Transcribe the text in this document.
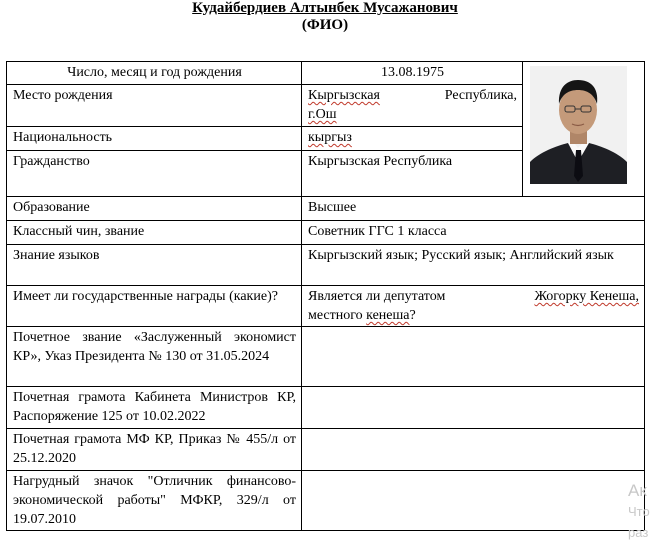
Кудайбердиев Алтынбек Мусажанович
(ФИО)
Число, месяц и год рождения	13.08.1975	

Место рождения	Кыргызская Республика,
г.Ош	

Национальность	кыргыз	
Гражданство	Кыргызская Республика	
Образование	Высшее	
Классный чин, звание	Советник ГГС 1 класса	
Знание языков	Кыргызский язык; Русский язык; Английский язык	
Имеет ли государственные награды (какие)?	Является ли депутатом Жогорку Кенеша,
местного кенеша?	

Почетное звание «Заслуженный экономист КР», Указ Президента № 130 от 31.05.2024		
Почетная грамота Кабинета Министров КР, Распоряжение 125 от 10.02.2022		
Почетная грамота МФ КР, Приказ № 455/л от 25.12.2020		
Нагрудный значок "Отличник финансово-экономической работы" МФКР, 329/л от 19.07.2010		
Ак
Что
раз
